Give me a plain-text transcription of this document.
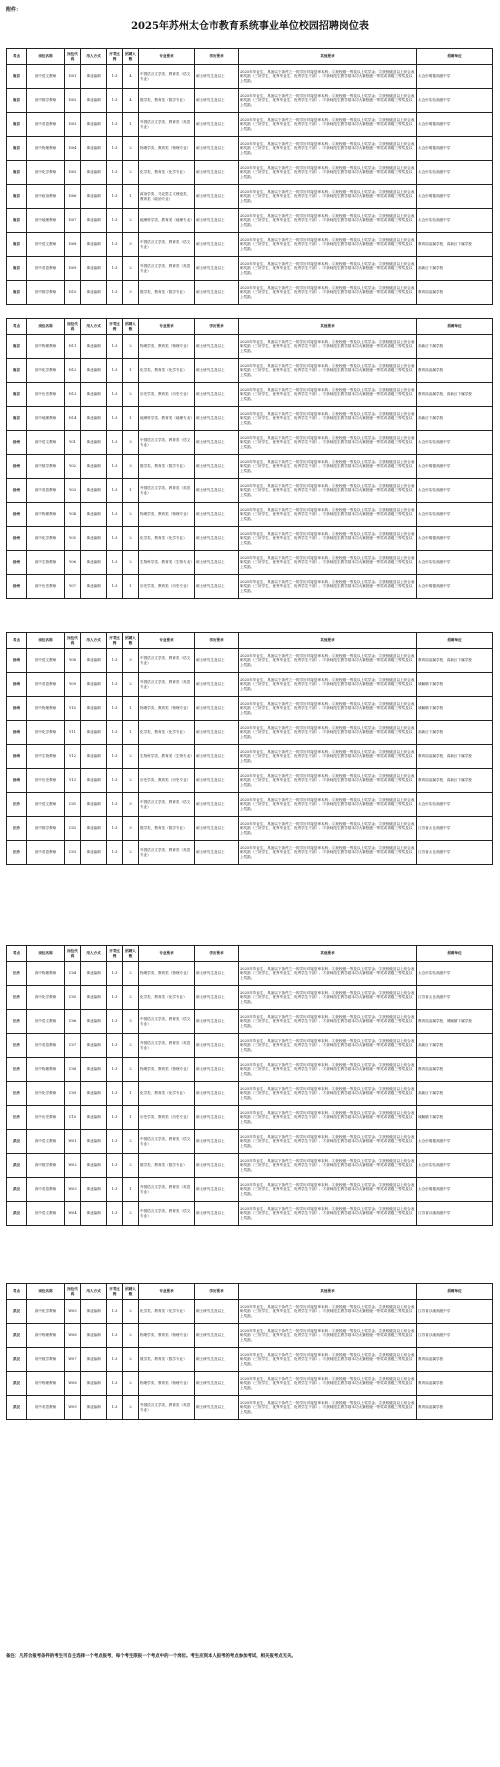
附件：
2025年苏州太仓市教育系统事业单位校园招聘岗位表
考点	岗位名称	岗位代码	用人方式	开考比例	招聘人数	专业要求	学历要求	其他要求	招聘单位
南京	高中语文教师	N01	事业编制	1:3	4	中国语言文学类、教育类（语文专业）	硕士研究生及以上	2025年毕业生，具备以下条件之一的学历对接复审本科；①获校级一等及以上奖学金；②获校级及以上综合表彰奖励（三好学生、优秀毕业生、优秀学生干部）；③获师范生教学基本功大赛校级一等奖或省级三等奖及以上奖励。	太仓市明德高级中学
南京	高中数学教师	N02	事业编制	1:3	4	数学类、教育类（数学专业）	硕士研究生及以上	2025年毕业生，具备以下条件之一的学历对接复审本科；①获校级一等及以上奖学金；②获校级及以上综合表彰奖励（三好学生、优秀毕业生、优秀学生干部）；③获师范生教学基本功大赛校级一等奖或省级三等奖及以上奖励。	太仓市实验高级中学
南京	高中英语教师	N03	事业编制	1:3	1	外国语言文学类、教育类（英语专业）	硕士研究生及以上	2025年毕业生，具备以下条件之一的学历对接复审本科；①获校级一等及以上奖学金；②获校级及以上综合表彰奖励（三好学生、优秀毕业生、优秀学生干部）；③获师范生教学基本功大赛校级一等奖或省级三等奖及以上奖励。	太仓市明德高级中学
南京	高中物理教师	N04	事业编制	1:3	2	物理学类、教育类（物理专业）	硕士研究生及以上	2025年毕业生，具备以下条件之一的学历对接复审本科；①获校级一等及以上奖学金；②获校级及以上综合表彰奖励（三好学生、优秀毕业生、优秀学生干部）；③获师范生教学基本功大赛校级一等奖或省级三等奖及以上奖励。	太仓市明德高级中学
南京	高中化学教师	N05	事业编制	1:3	2	化学类、教育类（化学专业）	硕士研究生及以上	2025年毕业生，具备以下条件之一的学历对接复审本科；①获校级一等及以上奖学金；②获校级及以上综合表彰奖励（三好学生、优秀毕业生、优秀学生干部）；③获师范生教学基本功大赛校级一等奖或省级三等奖及以上奖励。	太仓市实验高级中学
南京	高中政治教师	N06	事业编制	1:3	1	政治学类、马克思主义理论类、教育类（政治专业）	硕士研究生及以上	2025年毕业生，具备以下条件之一的学历对接复审本科；①获校级一等及以上奖学金；②获校级及以上综合表彰奖励（三好学生、优秀毕业生、优秀学生干部）；③获师范生教学基本功大赛校级一等奖或省级三等奖及以上奖励。	太仓市明德高级中学
南京	高中地理教师	N07	事业编制	1:3	2	地理科学类、教育类（地理专业）	硕士研究生及以上	2025年毕业生，具备以下条件之一的学历对接复审本科；①获校级一等及以上奖学金；②获校级及以上综合表彰奖励（三好学生、优秀毕业生、优秀学生干部）；③获师范生教学基本功大赛校级一等奖或省级三等奖及以上奖励。	太仓市实验高级中学
南京	初中语文教师	N08	事业编制	1:3	3	中国语言文学类、教育类（语文专业）	硕士研究生及以上	2025年毕业生，具备以下条件之一的学历对接复审本科；①获校级一等及以上奖学金；②获校级及以上综合表彰奖励（三好学生、优秀毕业生、优秀学生干部）；③获师范生教学基本功大赛校级一等奖或省级三等奖及以上奖励。	教育局直属学校、高新区下属学校
南京	初中英语教师	N09	事业编制	1:3	2	外国语言文学类、教育类（英语专业）	硕士研究生及以上	2025年毕业生，具备以下条件之一的学历对接复审本科；①获校级一等及以上奖学金；②获校级及以上综合表彰奖励（三好学生、优秀毕业生、优秀学生干部）；③获师范生教学基本功大赛校级一等奖或省级三等奖及以上奖励。	高新区下属学校
南京	初中数学教师	N10	事业编制	1:3	3	数学类、教育类（数学专业）	硕士研究生及以上	2025年毕业生，具备以下条件之一的学历对接复审本科；①获校级一等及以上奖学金；②获校级及以上综合表彰奖励（三好学生、优秀毕业生、优秀学生干部）；③获师范生教学基本功大赛校级一等奖或省级三等奖及以上奖励。	教育局直属学校
考点	岗位名称	岗位代码	用人方式	开考比例	招聘人数	专业要求	学历要求	其他要求	招聘单位
南京	初中物理教师	N11	事业编制	1:3	2	物理学类、教育类（物理专业）	硕士研究生及以上	2025年毕业生，具备以下条件之一的学历对接复审本科；①获校级一等及以上奖学金；②获校级及以上综合表彰奖励（三好学生、优秀毕业生、优秀学生干部）；③获师范生教学基本功大赛校级一等奖或省级三等奖及以上奖励。	高新区下属学校
南京	初中化学教师	N12	事业编制	1:3	1	化学类、教育类（化学专业）	硕士研究生及以上	2025年毕业生，具备以下条件之一的学历对接复审本科；①获校级一等及以上奖学金；②获校级及以上综合表彰奖励（三好学生、优秀毕业生、优秀学生干部）；③获师范生教学基本功大赛校级一等奖或省级三等奖及以上奖励。	教育局直属学校
南京	初中历史教师	N13	事业编制	1:3	2	历史学类、教育类（历史专业）	硕士研究生及以上	2025年毕业生，具备以下条件之一的学历对接复审本科；①获校级一等及以上奖学金；②获校级及以上综合表彰奖励（三好学生、优秀毕业生、优秀学生干部）；③获师范生教学基本功大赛校级一等奖或省级三等奖及以上奖励。	教育局直属学校、高新区下属学校
南京	初中地理教师	N14	事业编制	1:3	1	地理科学类、教育类（地理专业）	硕士研究生及以上	2025年毕业生，具备以下条件之一的学历对接复审本科；①获校级一等及以上奖学金；②获校级及以上综合表彰奖励（三好学生、优秀毕业生、优秀学生干部）；③获师范生教学基本功大赛校级一等奖或省级三等奖及以上奖励。	高新区下属学校
扬州	高中语文教师	Y01	事业编制	1:3	3	中国语言文学类、教育类（语文专业）	硕士研究生及以上	2025年毕业生，具备以下条件之一的学历对接复审本科；①获校级一等及以上奖学金；②获校级及以上综合表彰奖励（三好学生、优秀毕业生、优秀学生干部）；③获师范生教学基本功大赛校级一等奖或省级三等奖及以上奖励。	太仓市实验高级中学
扬州	高中数学教师	Y02	事业编制	1:3	3	数学类、教育类（数学专业）	硕士研究生及以上	2025年毕业生，具备以下条件之一的学历对接复审本科；①获校级一等及以上奖学金；②获校级及以上综合表彰奖励（三好学生、优秀毕业生、优秀学生干部）；③获师范生教学基本功大赛校级一等奖或省级三等奖及以上奖励。	太仓市明德高级中学
扬州	高中英语教师	Y03	事业编制	1:3	1	外国语言文学类、教育类（英语专业）	硕士研究生及以上	2025年毕业生，具备以下条件之一的学历对接复审本科；①获校级一等及以上奖学金；②获校级及以上综合表彰奖励（三好学生、优秀毕业生、优秀学生干部）；③获师范生教学基本功大赛校级一等奖或省级三等奖及以上奖励。	太仓市实验高级中学
扬州	高中物理教师	Y04	事业编制	1:3	2	物理学类、教育类（物理专业）	硕士研究生及以上	2025年毕业生，具备以下条件之一的学历对接复审本科；①获校级一等及以上奖学金；②获校级及以上综合表彰奖励（三好学生、优秀毕业生、优秀学生干部）；③获师范生教学基本功大赛校级一等奖或省级三等奖及以上奖励。	太仓市实验高级中学
扬州	高中化学教师	Y05	事业编制	1:3	2	化学类、教育类（化学专业）	硕士研究生及以上	2025年毕业生，具备以下条件之一的学历对接复审本科；①获校级一等及以上奖学金；②获校级及以上综合表彰奖励（三好学生、优秀毕业生、优秀学生干部）；③获师范生教学基本功大赛校级一等奖或省级三等奖及以上奖励。	太仓市明德高级中学
扬州	高中生物教师	Y06	事业编制	1:3	2	生物科学类、教育类（生物专业）	硕士研究生及以上	2025年毕业生，具备以下条件之一的学历对接复审本科；①获校级一等及以上奖学金；②获校级及以上综合表彰奖励（三好学生、优秀毕业生、优秀学生干部）；③获师范生教学基本功大赛校级一等奖或省级三等奖及以上奖励。	太仓市实验高级中学
扬州	高中历史教师	Y07	事业编制	1:3	1	历史学类、教育类（历史专业）	硕士研究生及以上	2025年毕业生，具备以下条件之一的学历对接复审本科；①获校级一等及以上奖学金；②获校级及以上综合表彰奖励（三好学生、优秀毕业生、优秀学生干部）；③获师范生教学基本功大赛校级一等奖或省级三等奖及以上奖励。	太仓市明德高级中学
考点	岗位名称	岗位代码	用人方式	开考比例	招聘人数	专业要求	学历要求	其他要求	招聘单位
扬州	初中语文教师	Y08	事业编制	1:3	3	中国语言文学类、教育类（语文专业）	硕士研究生及以上	2025年毕业生，具备以下条件之一的学历对接复审本科；①获校级一等及以上奖学金；②获校级及以上综合表彰奖励（三好学生、优秀毕业生、优秀学生干部）；③获师范生教学基本功大赛校级一等奖或省级三等奖及以上奖励。	教育局直属学校、高新区下属学校
扬州	初中英语教师	Y09	事业编制	1:3	2	外国语言文学类、教育类（英语专业）	硕士研究生及以上	2025年毕业生，具备以下条件之一的学历对接复审本科；①获校级一等及以上奖学金；②获校级及以上综合表彰奖励（三好学生、优秀毕业生、优秀学生干部）；③获师范生教学基本功大赛校级一等奖或省级三等奖及以上奖励。	城厢镇下属学校
扬州	初中物理教师	Y10	事业编制	1:3	1	物理学类、教育类（物理专业）	硕士研究生及以上	2025年毕业生，具备以下条件之一的学历对接复审本科；①获校级一等及以上奖学金；②获校级及以上综合表彰奖励（三好学生、优秀毕业生、优秀学生干部）；③获师范生教学基本功大赛校级一等奖或省级三等奖及以上奖励。	城厢镇下属学校
扬州	初中化学教师	Y11	事业编制	1:3	1	化学类、教育类（化学专业）	硕士研究生及以上	2025年毕业生，具备以下条件之一的学历对接复审本科；①获校级一等及以上奖学金；②获校级及以上综合表彰奖励（三好学生、优秀毕业生、优秀学生干部）；③获师范生教学基本功大赛校级一等奖或省级三等奖及以上奖励。	高新区下属学校
扬州	初中生物教师	Y12	事业编制	1:3	2	生物科学类、教育类（生物专业）	硕士研究生及以上	2025年毕业生，具备以下条件之一的学历对接复审本科；①获校级一等及以上奖学金；②获校级及以上综合表彰奖励（三好学生、优秀毕业生、优秀学生干部）；③获师范生教学基本功大赛校级一等奖或省级三等奖及以上奖励。	教育局直属学校、高新区下属学校
扬州	初中历史教师	Y13	事业编制	1:3	2	历史学类、教育类（历史专业）	硕士研究生及以上	2025年毕业生，具备以下条件之一的学历对接复审本科；①获校级一等及以上奖学金；②获校级及以上综合表彰奖励（三好学生、优秀毕业生、优秀学生干部）；③获师范生教学基本功大赛校级一等奖或省级三等奖及以上奖励。	教育局直属学校、高新区下属学校
长沙	高中语文教师	C01	事业编制	1:3	3	中国语言文学类、教育类（语文专业）	硕士研究生及以上	2025年毕业生，具备以下条件之一的学历对接复审本科；①获校级一等及以上奖学金；②获校级及以上综合表彰奖励（三好学生、优秀毕业生、优秀学生干部）；③获师范生教学基本功大赛校级一等奖或省级三等奖及以上奖励。	太仓市实验高级中学
长沙	高中数学教师	C02	事业编制	1:3	3	数学类、教育类（数学专业）	硕士研究生及以上	2025年毕业生，具备以下条件之一的学历对接复审本科；①获校级一等及以上奖学金；②获校级及以上综合表彰奖励（三好学生、优秀毕业生、优秀学生干部）；③获师范生教学基本功大赛校级一等奖或省级三等奖及以上奖励。	江苏省太仓高级中学
长沙	高中英语教师	C03	事业编制	1:3	2	外国语言文学类、教育类（英语专业）	硕士研究生及以上	2025年毕业生，具备以下条件之一的学历对接复审本科；①获校级一等及以上奖学金；②获校级及以上综合表彰奖励（三好学生、优秀毕业生、优秀学生干部）；③获师范生教学基本功大赛校级一等奖或省级三等奖及以上奖励。	江苏省太仓高级中学
考点	岗位名称	岗位代码	用人方式	开考比例	招聘人数	专业要求	学历要求	其他要求	招聘单位
长沙	高中物理教师	C04	事业编制	1:3	2	物理学类、教育类（物理专业）	硕士研究生及以上	2025年毕业生，具备以下条件之一的学历对接复审本科；①获校级一等及以上奖学金；②获校级及以上综合表彰奖励（三好学生、优秀毕业生、优秀学生干部）；③获师范生教学基本功大赛校级一等奖或省级三等奖及以上奖励。	太仓市实验高级中学
长沙	高中化学教师	C05	事业编制	1:3	2	化学类、教育类（化学专业）	硕士研究生及以上	2025年毕业生，具备以下条件之一的学历对接复审本科；①获校级一等及以上奖学金；②获校级及以上综合表彰奖励（三好学生、优秀毕业生、优秀学生干部）；③获师范生教学基本功大赛校级一等奖或省级三等奖及以上奖励。	江苏省太仓高级中学
长沙	初中语文教师	C06	事业编制	1:3	3	中国语言文学类、教育类（语文专业）	硕士研究生及以上	2025年毕业生，具备以下条件之一的学历对接复审本科；①获校级一等及以上奖学金；②获校级及以上综合表彰奖励（三好学生、优秀毕业生、优秀学生干部）；③获师范生教学基本功大赛校级一等奖或省级三等奖及以上奖励。	教育局直属学校、城厢镇下属学校
长沙	初中英语教师	C07	事业编制	1:3	2	外国语言文学类、教育类（英语专业）	硕士研究生及以上	2025年毕业生，具备以下条件之一的学历对接复审本科；①获校级一等及以上奖学金；②获校级及以上综合表彰奖励（三好学生、优秀毕业生、优秀学生干部）；③获师范生教学基本功大赛校级一等奖或省级三等奖及以上奖励。	高新区下属学校
长沙	初中物理教师	C08	事业编制	1:3	2	物理学类、教育类（物理专业）	硕士研究生及以上	2025年毕业生，具备以下条件之一的学历对接复审本科；①获校级一等及以上奖学金；②获校级及以上综合表彰奖励（三好学生、优秀毕业生、优秀学生干部）；③获师范生教学基本功大赛校级一等奖或省级三等奖及以上奖励。	教育局直属学校
长沙	初中化学教师	C09	事业编制	1:3	1	化学类、教育类（化学专业）	硕士研究生及以上	2025年毕业生，具备以下条件之一的学历对接复审本科；①获校级一等及以上奖学金；②获校级及以上综合表彰奖励（三好学生、优秀毕业生、优秀学生干部）；③获师范生教学基本功大赛校级一等奖或省级三等奖及以上奖励。	高新区下属学校
长沙	初中历史教师	C10	事业编制	1:3	1	历史学类、教育类（历史专业）	硕士研究生及以上	2025年毕业生，具备以下条件之一的学历对接复审本科；①获校级一等及以上奖学金；②获校级及以上综合表彰奖励（三好学生、优秀毕业生、优秀学生干部）；③获师范生教学基本功大赛校级一等奖或省级三等奖及以上奖励。	城厢镇下属学校
武汉	高中语文教师	W01	事业编制	1:3	2	中国语言文学类、教育类（语文专业）	硕士研究生及以上	2025年毕业生，具备以下条件之一的学历对接复审本科；①获校级一等及以上奖学金；②获校级及以上综合表彰奖励（三好学生、优秀毕业生、优秀学生干部）；③获师范生教学基本功大赛校级一等奖或省级三等奖及以上奖励。	太仓市明德高级中学
武汉	高中数学教师	W02	事业编制	1:3	2	数学类、教育类（数学专业）	硕士研究生及以上	2025年毕业生，具备以下条件之一的学历对接复审本科；①获校级一等及以上奖学金；②获校级及以上综合表彰奖励（三好学生、优秀毕业生、优秀学生干部）；③获师范生教学基本功大赛校级一等奖或省级三等奖及以上奖励。	太仓市实验高级中学
武汉	高中英语教师	W03	事业编制	1:3	1	外国语言文学类、教育类（英语专业）	硕士研究生及以上	2025年毕业生，具备以下条件之一的学历对接复审本科；①获校级一等及以上奖学金；②获校级及以上综合表彰奖励（三好学生、优秀毕业生、优秀学生干部）；③获师范生教学基本功大赛校级一等奖或省级三等奖及以上奖励。	太仓市明德高级中学
武汉	初中语文教师	W04	事业编制	1:3	2	中国语言文学类、教育类（语文专业）	硕士研究生及以上	2025年毕业生，具备以下条件之一的学历对接复审本科；①获校级一等及以上奖学金；②获校级及以上综合表彰奖励（三好学生、优秀毕业生、优秀学生干部）；③获师范生教学基本功大赛校级一等奖或省级三等奖及以上奖励。	江苏省沙溪高级中学
考点	岗位名称	岗位代码	用人方式	开考比例	招聘人数	专业要求	学历要求	其他要求	招聘单位
武汉	高中化学教师	W05	事业编制	1:3	2	化学类、教育类（化学专业）	硕士研究生及以上	2025年毕业生，具备以下条件之一的学历对接复审本科；①获校级一等及以上奖学金；②获校级及以上综合表彰奖励（三好学生、优秀毕业生、优秀学生干部）；③获师范生教学基本功大赛校级一等奖或省级三等奖及以上奖励。	江苏省沙溪高级中学
武汉	高中物理教师	W06	事业编制	1:3	2	物理学类、教育类（物理专业）	硕士研究生及以上	2025年毕业生，具备以下条件之一的学历对接复审本科；①获校级一等及以上奖学金；②获校级及以上综合表彰奖励（三好学生、优秀毕业生、优秀学生干部）；③获师范生教学基本功大赛校级一等奖或省级三等奖及以上奖励。	江苏省沙溪高级中学
武汉	初中数学教师	W07	事业编制	1:3	2	数学类、教育类（数学专业）	硕士研究生及以上	2025年毕业生，具备以下条件之一的学历对接复审本科；①获校级一等及以上奖学金；②获校级及以上综合表彰奖励（三好学生、优秀毕业生、优秀学生干部）；③获师范生教学基本功大赛校级一等奖或省级三等奖及以上奖励。	教育局直属学校
武汉	初中物理教师	W08	事业编制	1:3	2	物理学类、教育类（物理专业）	硕士研究生及以上	2025年毕业生，具备以下条件之一的学历对接复审本科；①获校级一等及以上奖学金；②获校级及以上综合表彰奖励（三好学生、优秀毕业生、优秀学生干部）；③获师范生教学基本功大赛校级一等奖或省级三等奖及以上奖励。	教育局直属学校
武汉	初中英语教师	W09	事业编制	1:3	2	外国语言文学类、教育类（英语专业）	硕士研究生及以上	2025年毕业生，具备以下条件之一的学历对接复审本科；①获校级一等及以上奖学金；②获校级及以上综合表彰奖励（三好学生、优秀毕业生、优秀学生干部）；③获师范生教学基本功大赛校级一等奖或省级三等奖及以上奖励。	教育局直属学校
备注：凡符合报考条件的考生可自主选择一个考点报考，每个考生限报一个考点中的一个岗位。考生应到本人报考的考点参加考试，相关报考点无关。
